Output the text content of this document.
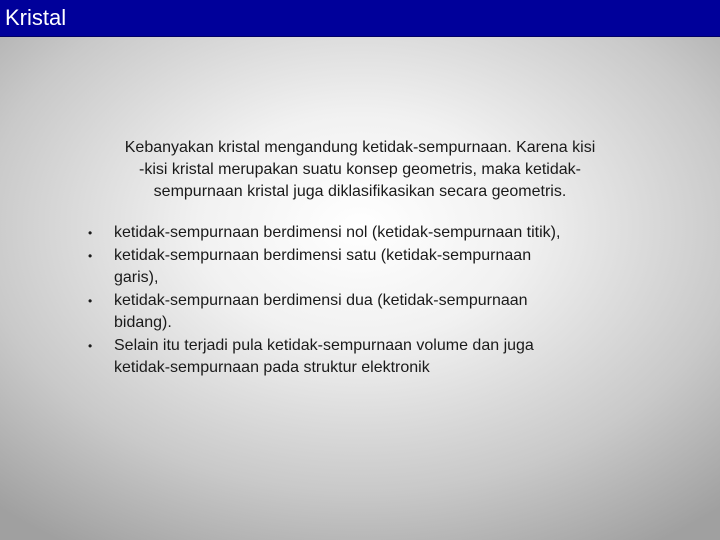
Kristal

Kebanyakan kristal mengandung ketidak-sempurnaan. Karena kisi
-kisi kristal merupakan suatu konsep geometris, maka ketidak-
sempurnaan kristal juga diklasifikasikan secara geometris.

• ketidak-sempurnaan berdimensi nol (ketidak-sempurnaan titik),
• ketidak-sempurnaan berdimensi satu (ketidak-sempurnaan
garis),
• ketidak-sempurnaan berdimensi dua (ketidak-sempurnaan
bidang).
• Selain itu terjadi pula ketidak-sempurnaan volume dan juga
ketidak-sempurnaan pada struktur elektronik
